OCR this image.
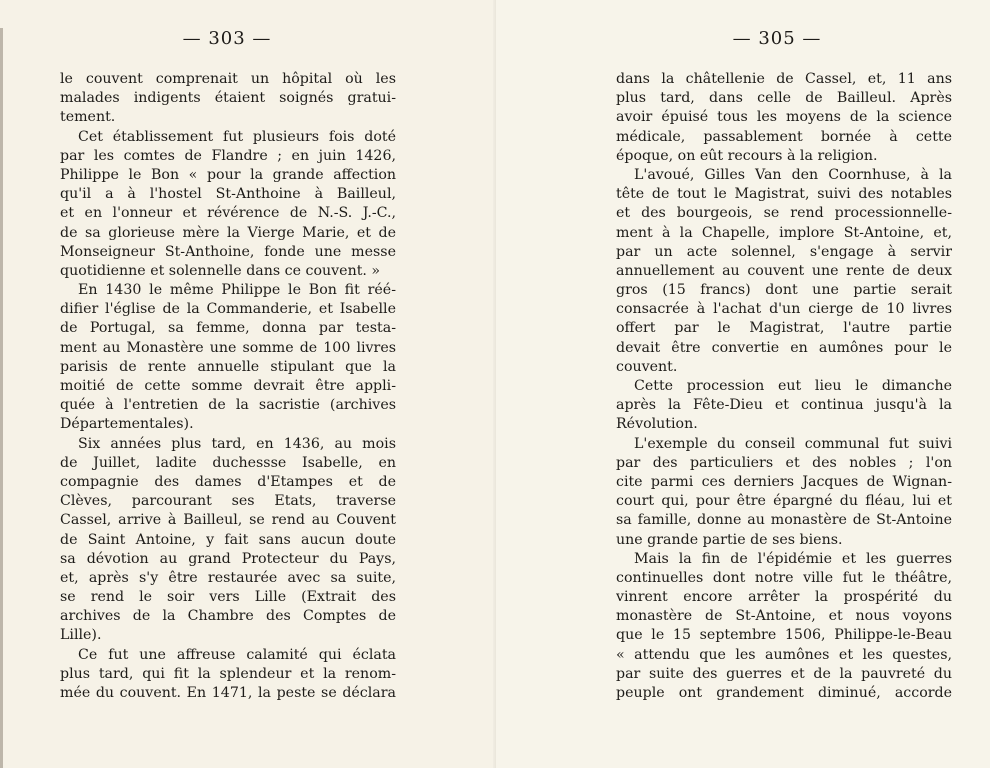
— 303 —
le couvent comprenait un hôpital où les
malades indigents étaient soignés gratui-
tement.
Cet établissement fut plusieurs fois doté
par les comtes de Flandre ; en juin 1426,
Philippe le Bon « pour la grande affection
qu'il a à l'hostel St-Anthoine à Bailleul,
et en l'onneur et révérence de N.-S. J.-C.,
de sa glorieuse mère la Vierge Marie, et de
Monseigneur St-Anthoine, fonde une messe
quotidienne et solennelle dans ce couvent. »
En 1430 le même Philippe le Bon fit réé-
difier l'église de la Commanderie, et Isabelle
de Portugal, sa femme, donna par testa-
ment au Monastère une somme de 100 livres
parisis de rente annuelle stipulant que la
moitié de cette somme devrait être appli-
quée à l'entretien de la sacristie (archives
Départementales).
Six années plus tard, en 1436, au mois
de Juillet, ladite duchessse Isabelle, en
compagnie des dames d'Etampes et de
Clèves, parcourant ses Etats, traverse
Cassel, arrive à Bailleul, se rend au Couvent
de Saint Antoine, y fait sans aucun doute
sa dévotion au grand Protecteur du Pays,
et, après s'y être restaurée avec sa suite,
se rend le soir vers Lille (Extrait des
archives de la Chambre des Comptes de
Lille).
Ce fut une affreuse calamité qui éclata
plus tard, qui fit la splendeur et la renom-
mée du couvent. En 1471, la peste se déclara
— 305 —
dans la châtellenie de Cassel, et, 11 ans
plus tard, dans celle de Bailleul. Après
avoir épuisé tous les moyens de la science
médicale, passablement bornée à cette
époque, on eût recours à la religion.
L'avoué, Gilles Van den Coornhuse, à la
tête de tout le Magistrat, suivi des notables
et des bourgeois, se rend processionnelle-
ment à la Chapelle, implore St-Antoine, et,
par un acte solennel, s'engage à servir
annuellement au couvent une rente de deux
gros (15 francs) dont une partie serait
consacrée à l'achat d'un cierge de 10 livres
offert par le Magistrat, l'autre partie
devait être convertie en aumônes pour le
couvent.
Cette procession eut lieu le dimanche
après la Fête-Dieu et continua jusqu'à la
Révolution.
L'exemple du conseil communal fut suivi
par des particuliers et des nobles ; l'on
cite parmi ces derniers Jacques de Wignan-
court qui, pour être épargné du fléau, lui et
sa famille, donne au monastère de St-Antoine
une grande partie de ses biens.
Mais la fin de l'épidémie et les guerres
continuelles dont notre ville fut le théâtre,
vinrent encore arrêter la prospérité du
monastère de St-Antoine, et nous voyons
que le 15 septembre 1506, Philippe-le-Beau
« attendu que les aumônes et les questes,
par suite des guerres et de la pauvreté du
peuple ont grandement diminué, accorde
